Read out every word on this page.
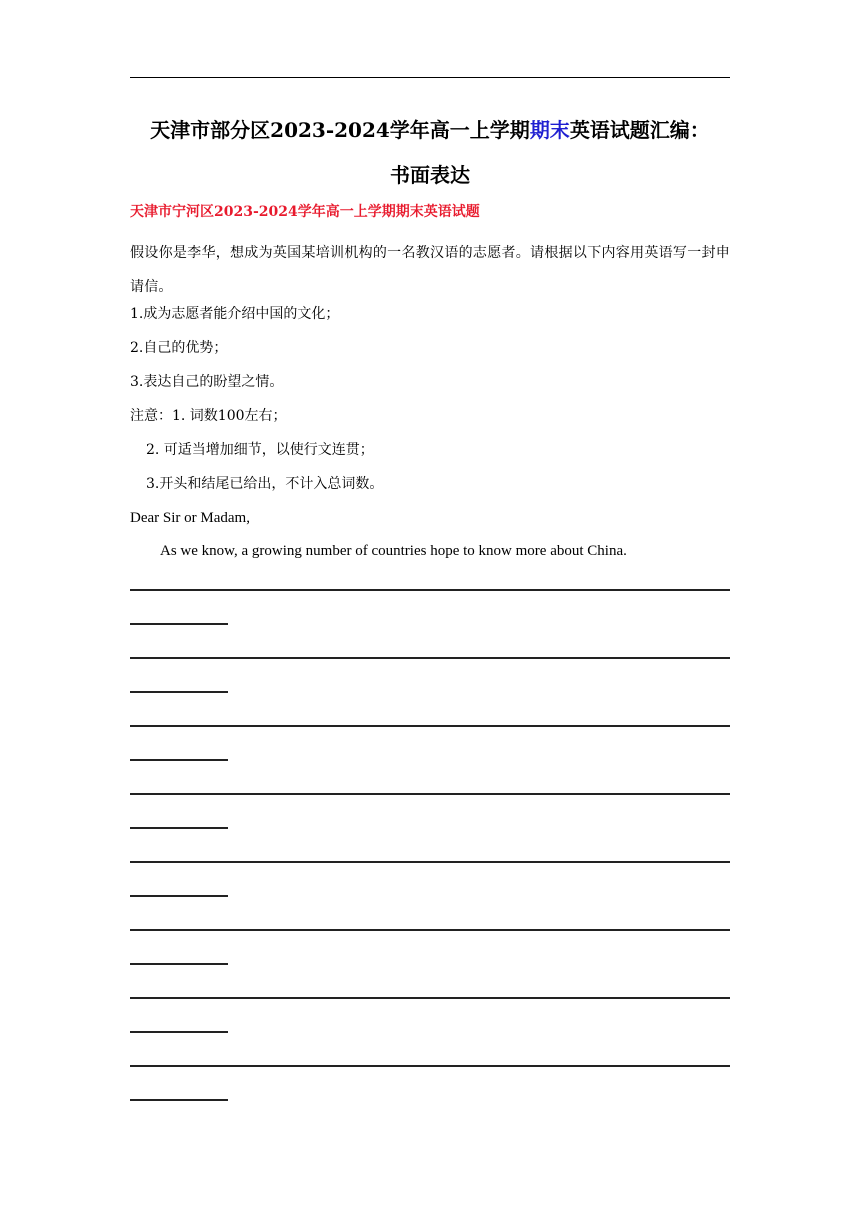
天津市部分区2023-2024学年高一上学期期末英语试题汇编：
书面表达
天津市宁河区2023-2024学年高一上学期期末英语试题
假设你是李华，想成为英国某培训机构的一名教汉语的志愿者。请根据以下内容用英语写一封申请信。
1.成为志愿者能介绍中国的文化；
2.自己的优势；
3.表达自己的盼望之情。
注意：1. 词数100左右；
2. 可适当增加细节，以使行文连贯；
3.开头和结尾已给出，不计入总词数。
Dear Sir or Madam,
As we know, a growing number of countries hope to know more about China.
